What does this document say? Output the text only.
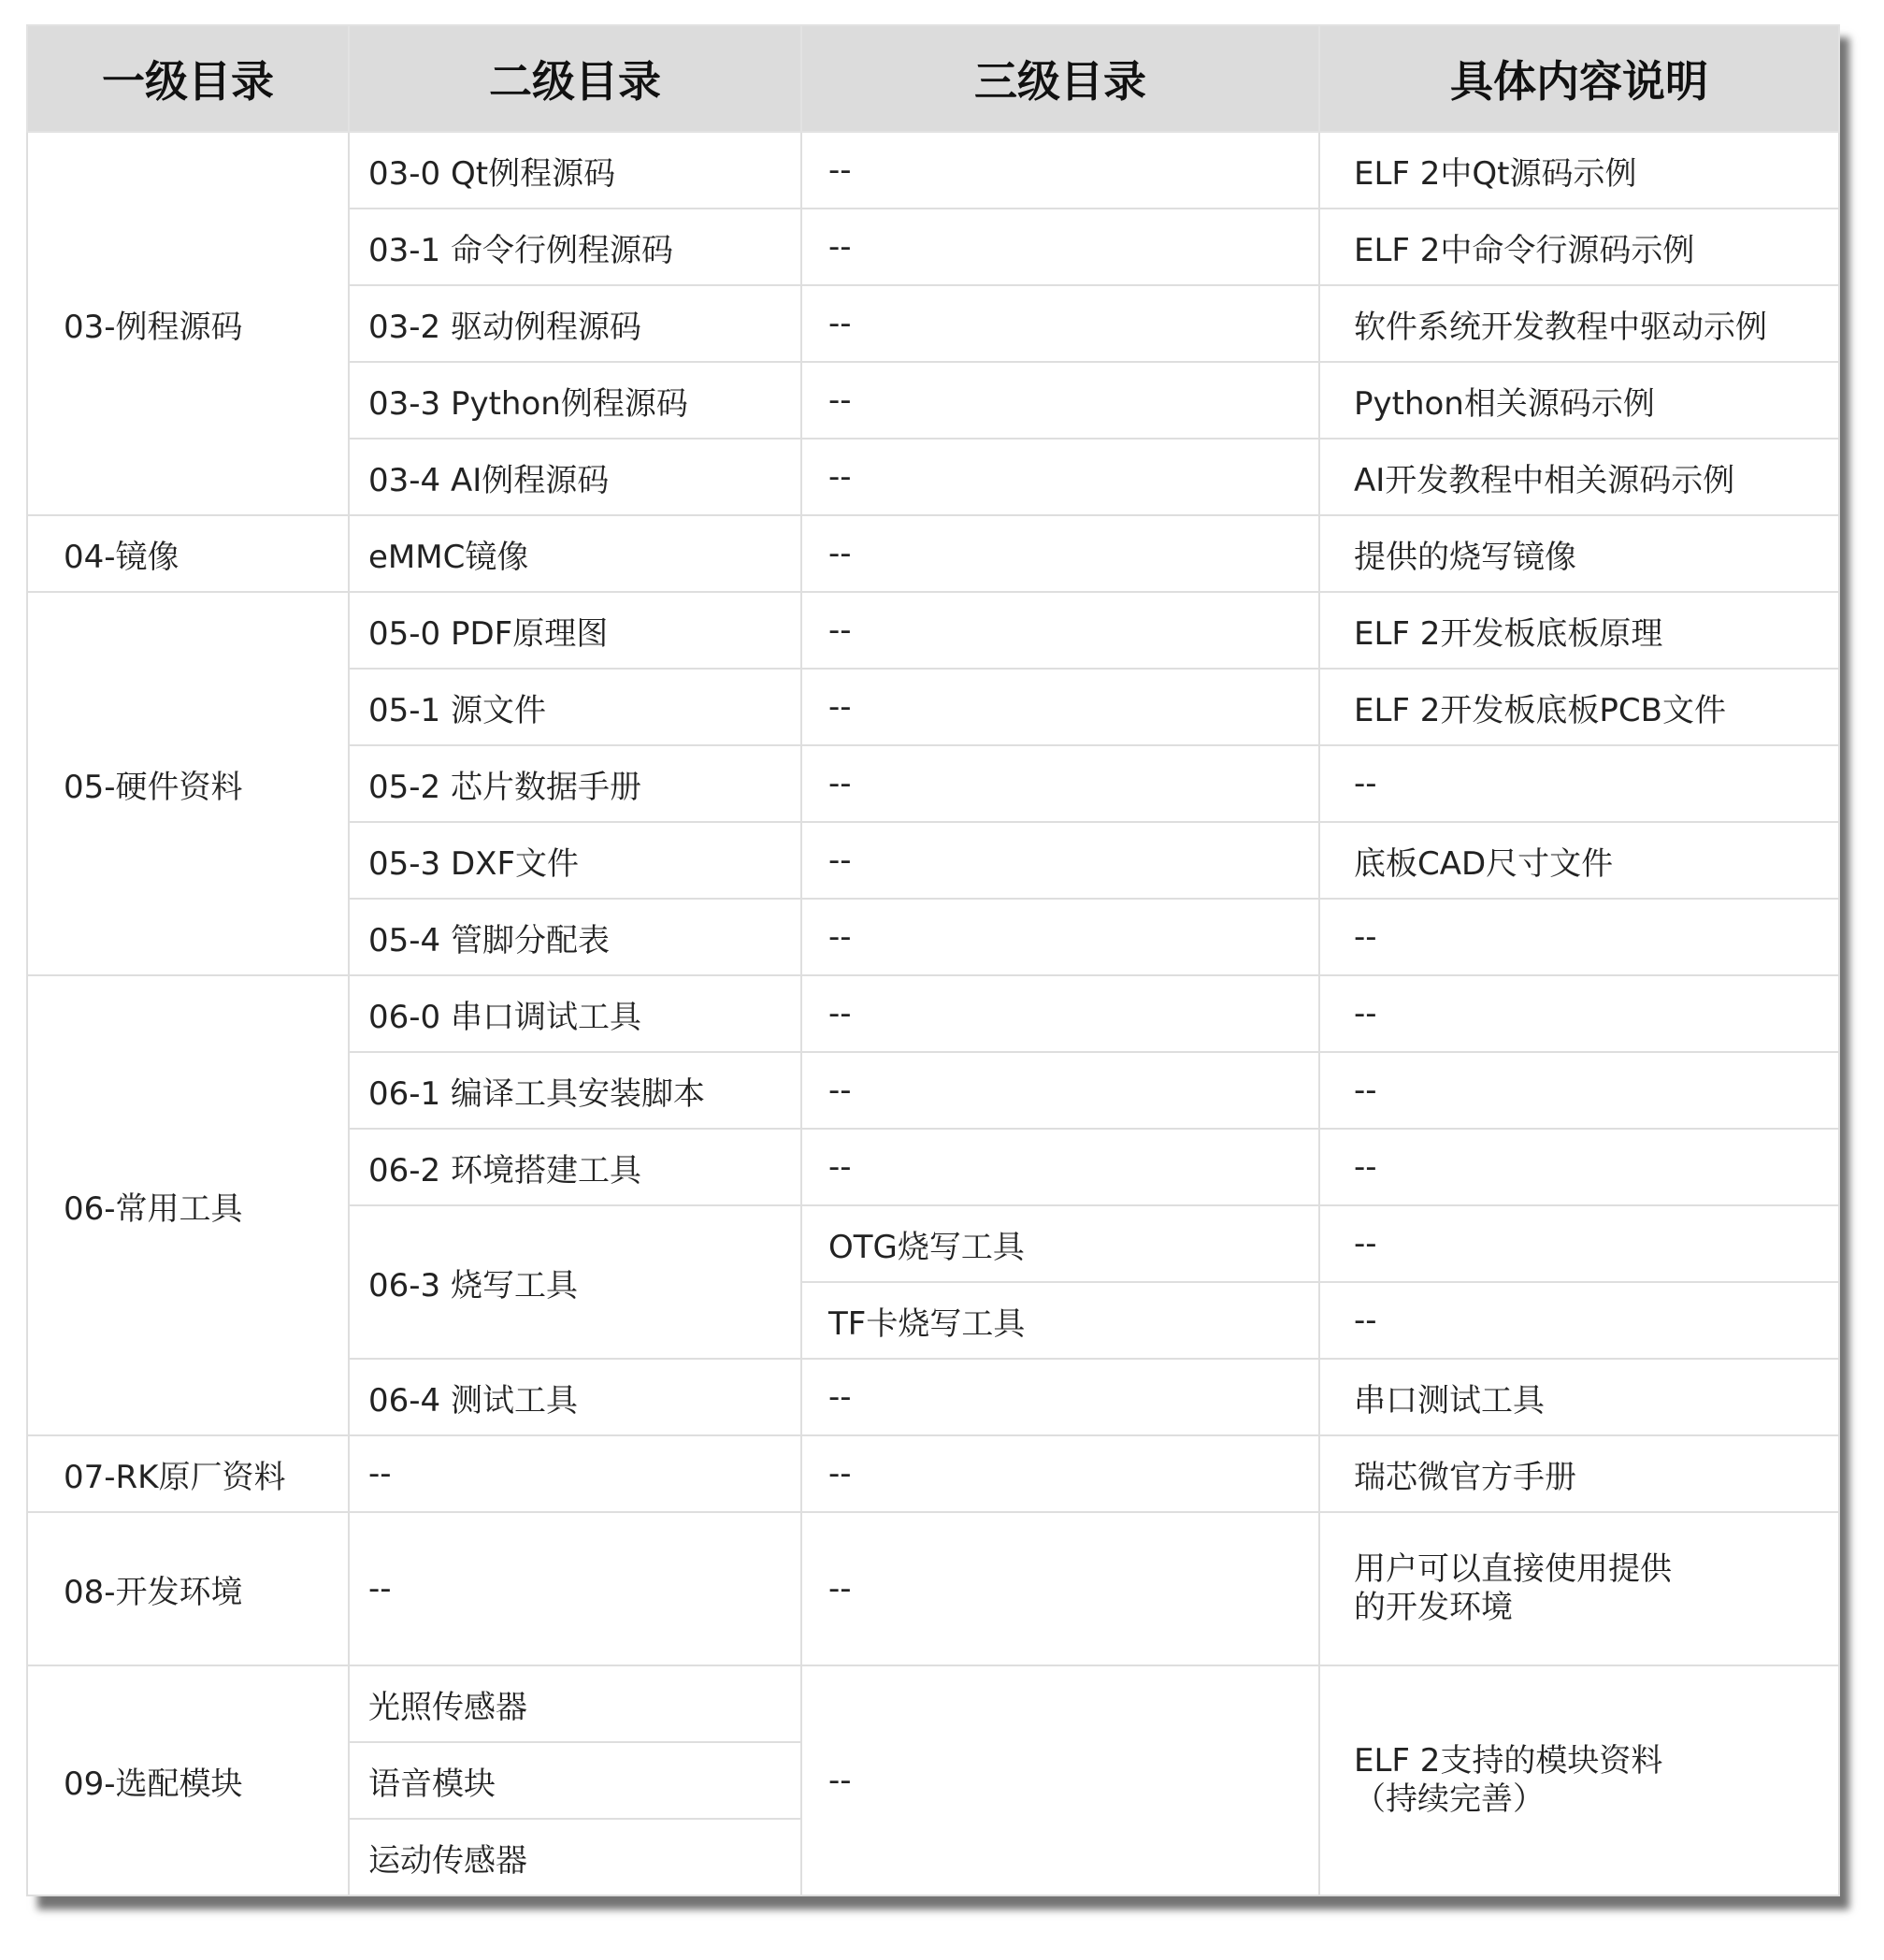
一级目录	二级目录	三级目录	具体内容说明
03-例程源码	03-0 Qt例程源码	--	ELF 2中Qt源码示例
	03-1 命令行例程源码	--	ELF 2中命令行源码示例
	03-2 驱动例程源码	--	软件系统开发教程中驱动示例
	03-3 Python例程源码	--	Python相关源码示例
	03-4 AI例程源码	--	AI开发教程中相关源码示例
04-镜像	eMMC镜像	--	提供的烧写镜像
05-硬件资料	05-0 PDF原理图	--	ELF 2开发板底板原理
	05-1 源文件	--	ELF 2开发板底板PCB文件
	05-2 芯片数据手册	--	--
	05-3 DXF文件	--	底板CAD尺寸文件
	05-4 管脚分配表	--	--
06-常用工具	06-0 串口调试工具	--	--
	06-1 编译工具安装脚本	--	--
	06-2 环境搭建工具	--	--
	06-3 烧写工具	OTG烧写工具	--
		TF卡烧写工具	--
	06-4 测试工具	--	串口测试工具
07-RK原厂资料	--	--	瑞芯微官方手册
08-开发环境	--	--	用户可以直接使用提供
的开发环境

09-选配模块	光照传感器	--	ELF 2支持的模块资料
（持续完善）

	语音模块		
	运动传感器		
